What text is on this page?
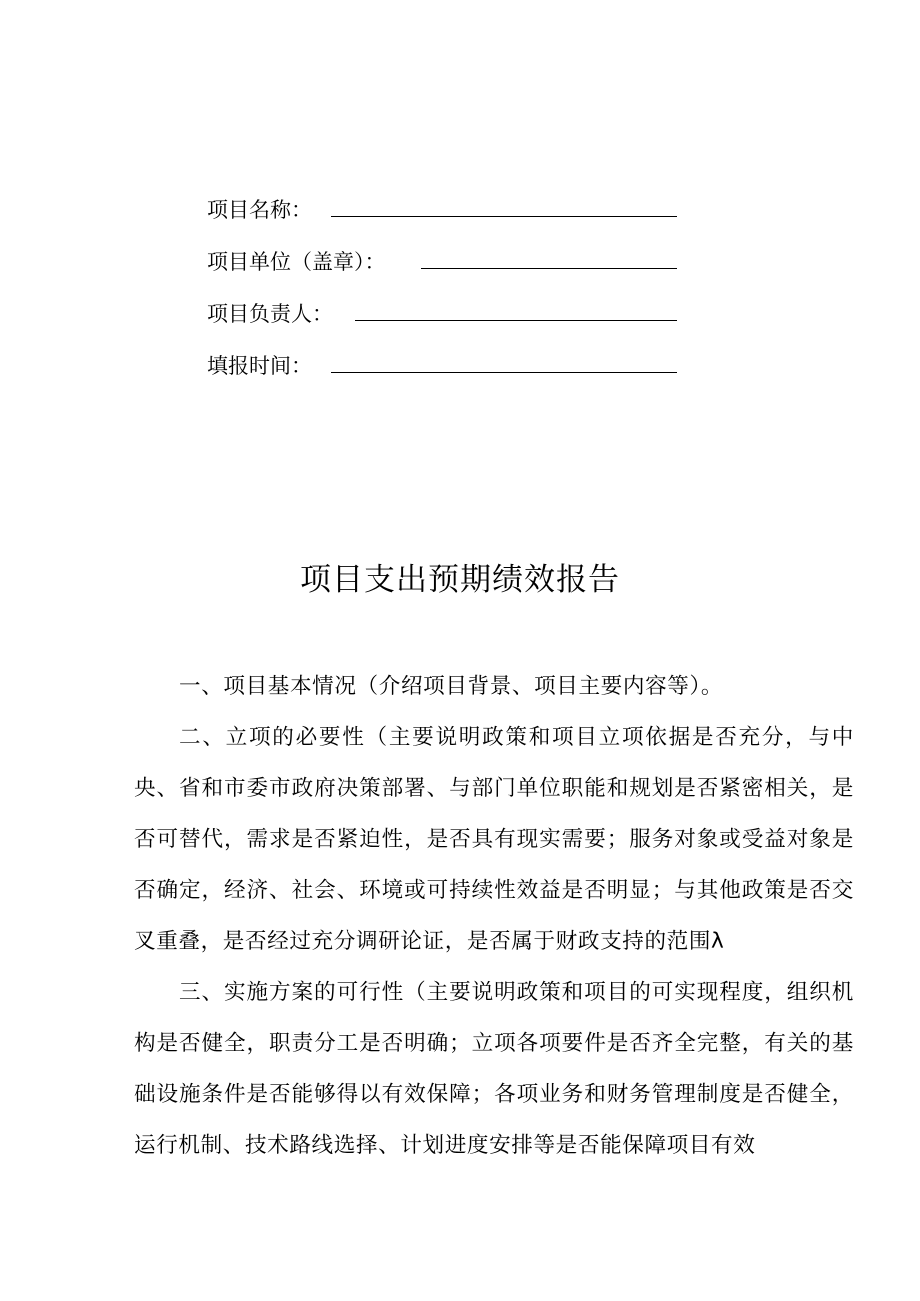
项目名称：
项目单位（盖章）：
项目负责人：
填报时间：
项目支出预期绩效报告

一、项目基本情况（介绍项目背景、项目主要内容等）。

二、立项的必要性（主要说明政策和项目立项依据是否充分，与中央、省和市委市政府决策部署、与部门单位职能和规划是否紧密相关，是否可替代，需求是否紧迫性，是否具有现实需要；服务对象或受益对象是否确定，经济、社会、环境或可持续性效益是否明显；与其他政策是否交叉重叠，是否经过充分调研论证，是否属于财政支持的范围λ

三、实施方案的可行性（主要说明政策和项目的可实现程度，组织机构是否健全，职责分工是否明确；立项各项要件是否齐全完整，有关的基础设施条件是否能够得以有效保障；各项业务和财务管理制度是否健全，运行机制、技术路线选择、计划进度安排等是否能保障项目有效
